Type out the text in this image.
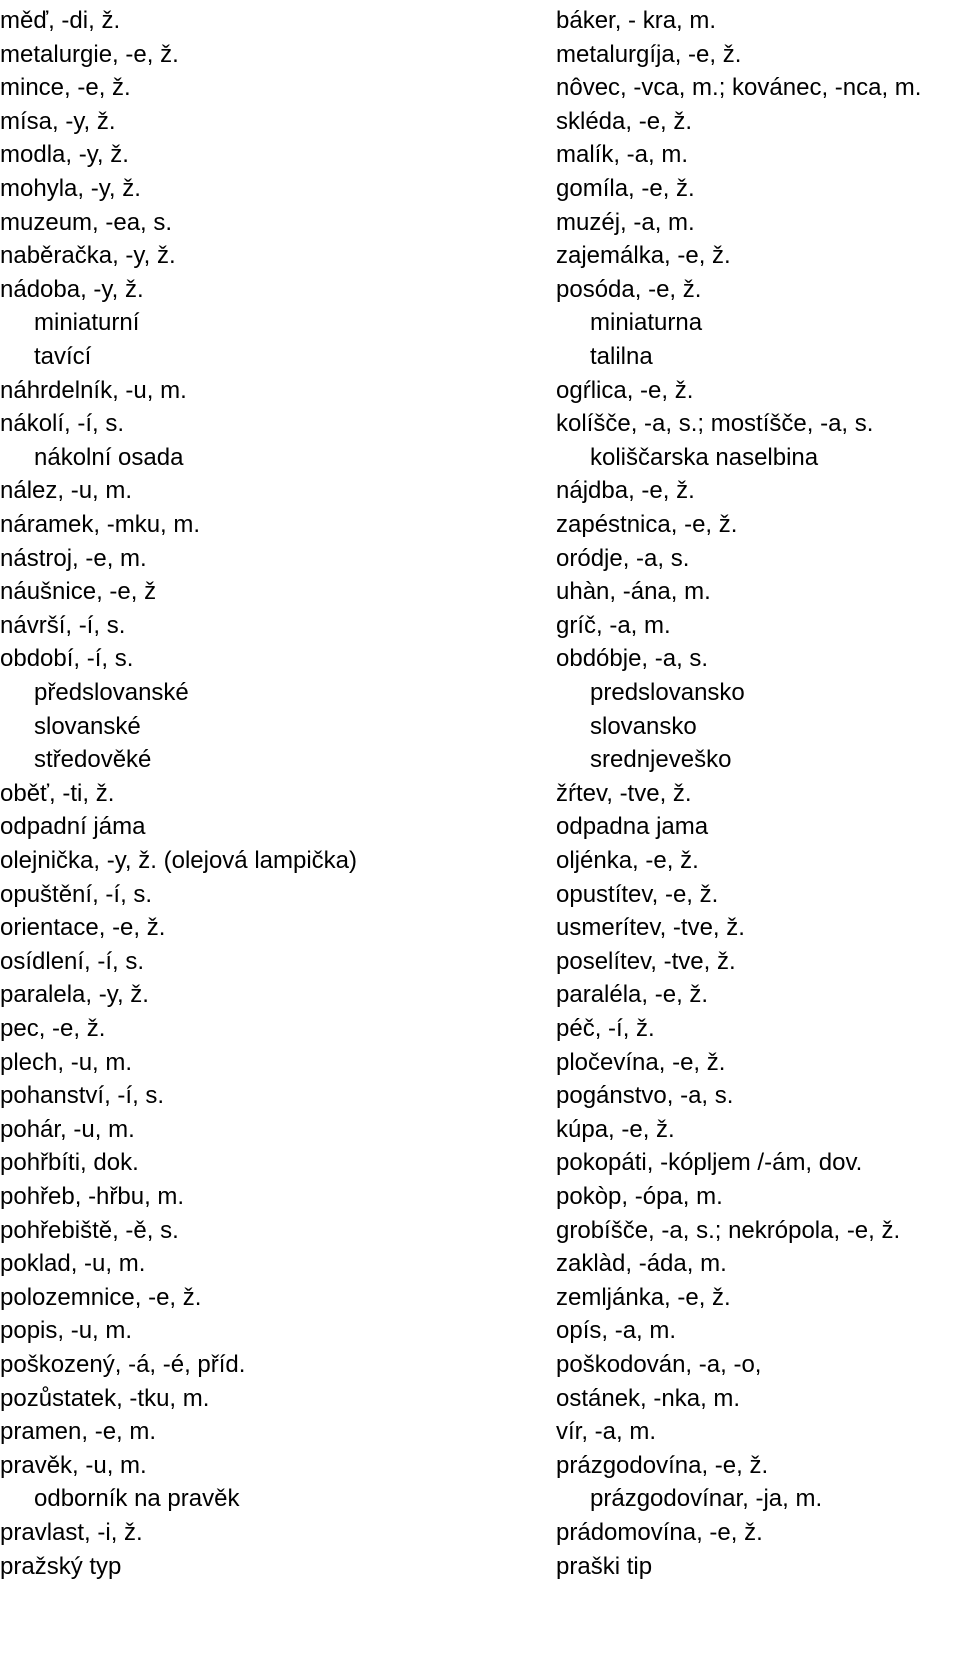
měď, -di, ž.	báker, - kra, m.
metalurgie, -e, ž.	metalurgíja, -e, ž.
mince, -e, ž.	nôvec, -vca, m.; kovánec, -nca, m.
mísa, -y, ž.	skléda, -e, ž.
modla, -y, ž.	malík, -a, m.
mohyla, -y, ž.	gomíla, -e, ž.
muzeum, -ea, s.	muzéj, -a, m.
naběračka, -y, ž.	zajemálka, -e, ž.
nádoba, -y, ž.	posóda, -e, ž.
miniaturní	miniaturna
tavící	talilna
náhrdelník, -u, m.	ogŕlica, -e, ž.
nákolí, -í, s.	kolíšče, -a, s.; mostíšče, -a, s.
nákolní osada	koliščarska naselbina
nález, -u, m.	nájdba, -e, ž.
náramek, -mku, m.	zapéstnica, -e, ž.
nástroj, -e, m.	oródje, -a, s.
náušnice, -e, ž	uhàn, -ána, m.
návrší, -í, s.	gríč, -a, m.
období, -í, s.	obdóbje, -a, s.
předslovanské	predslovansko
slovanské	slovansko
středověké	srednjeveško
oběť, -ti, ž.	žŕtev, -tve, ž.
odpadní jáma	odpadna jama
olejnička, -y, ž. (olejová lampička)	oljénka, -e, ž.
opuštění, -í, s.	opustítev, -e, ž.
orientace, -e, ž.	usmerítev, -tve, ž.
osídlení, -í, s.	poselítev, -tve, ž.
paralela, -y, ž.	paraléla, -e, ž.
pec, -e, ž.	péč, -í, ž.
plech, -u, m.	pločevína, -e, ž.
pohanství, -í, s.	pogánstvo, -a, s.
pohár, -u, m.	kúpa, -e, ž.
pohřbíti, dok.	pokopáti, -kópljem /-ám, dov.
pohřeb, -hřbu, m.	pokòp, -ópa, m.
pohřebiště, -ě, s.	grobíšče, -a, s.; nekrópola, -e, ž.
poklad, -u, m.	zaklàd, -áda, m.
polozemnice, -e, ž.	zemljánka, -e, ž.
popis, -u, m.	opís, -a, m.
poškozený, -á, -é, příd.	poškodován, -a, -o,
pozůstatek, -tku, m.	ostánek, -nka, m.
pramen, -e, m.	vír, -a, m.
pravěk, -u, m.	prázgodovína, -e, ž.
odborník na pravěk	prázgodovínar, -ja, m.
pravlast, -i, ž.	prádomovína, -e, ž.
pražský typ	praški tip
